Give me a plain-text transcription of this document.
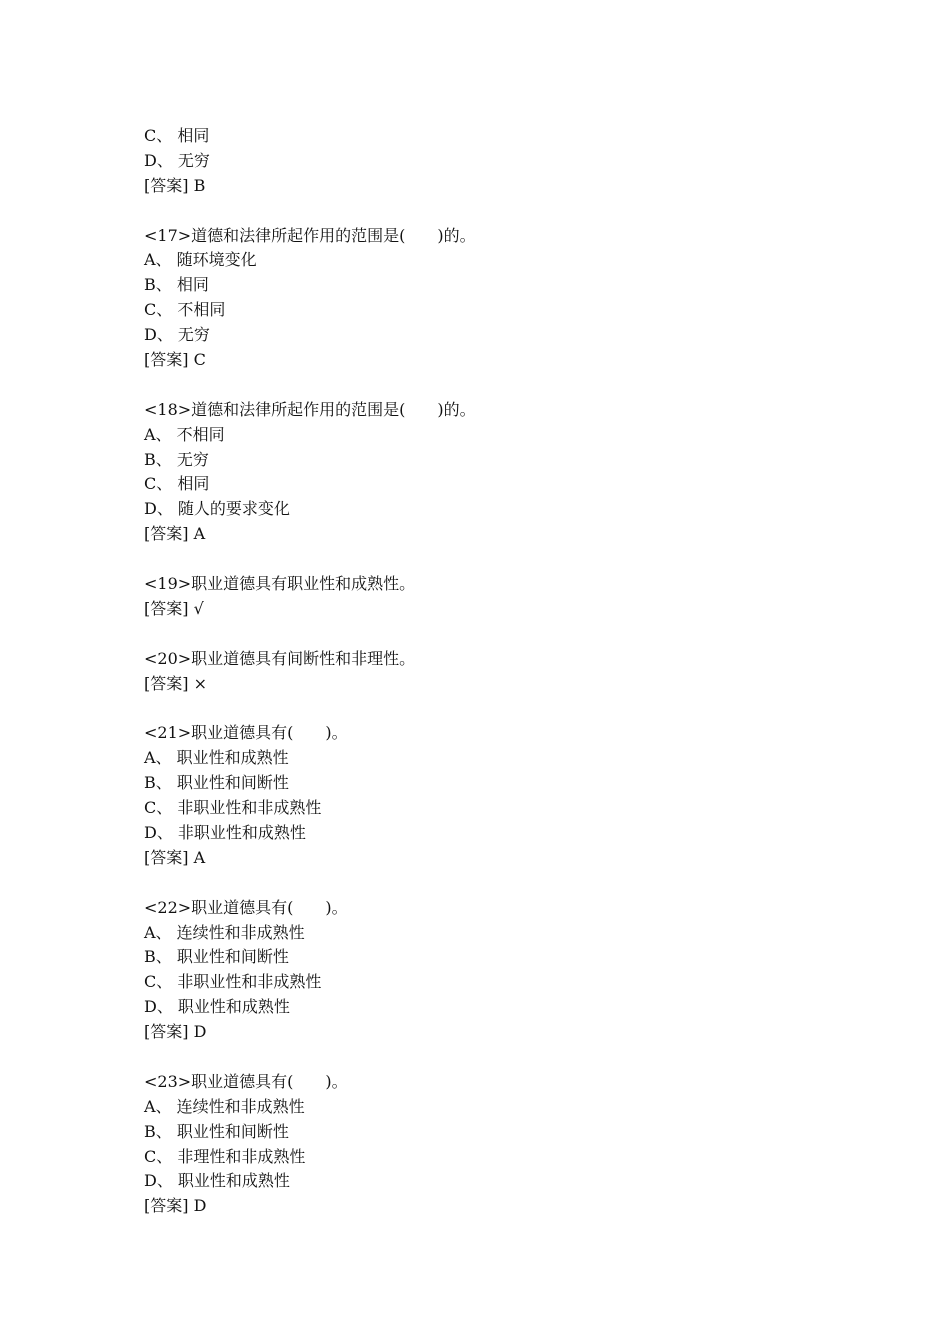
C、 相同
D、 无穷
[答案] B
<17>道德和法律所起作用的范围是(　　)的。
A、 随环境变化
B、 相同
C、 不相同
D、 无穷
[答案] C
<18>道德和法律所起作用的范围是(　　)的。
A、 不相同
B、 无穷
C、 相同
D、 随人的要求变化
[答案] A
<19>职业道德具有职业性和成熟性。
[答案] √
<20>职业道德具有间断性和非理性。
[答案] ×
<21>职业道德具有(　　)。
A、 职业性和成熟性
B、 职业性和间断性
C、 非职业性和非成熟性
D、 非职业性和成熟性
[答案] A
<22>职业道德具有(　　)。
A、 连续性和非成熟性
B、 职业性和间断性
C、 非职业性和非成熟性
D、 职业性和成熟性
[答案] D
<23>职业道德具有(　　)。
A、 连续性和非成熟性
B、 职业性和间断性
C、 非理性和非成熟性
D、 职业性和成熟性
[答案] D
